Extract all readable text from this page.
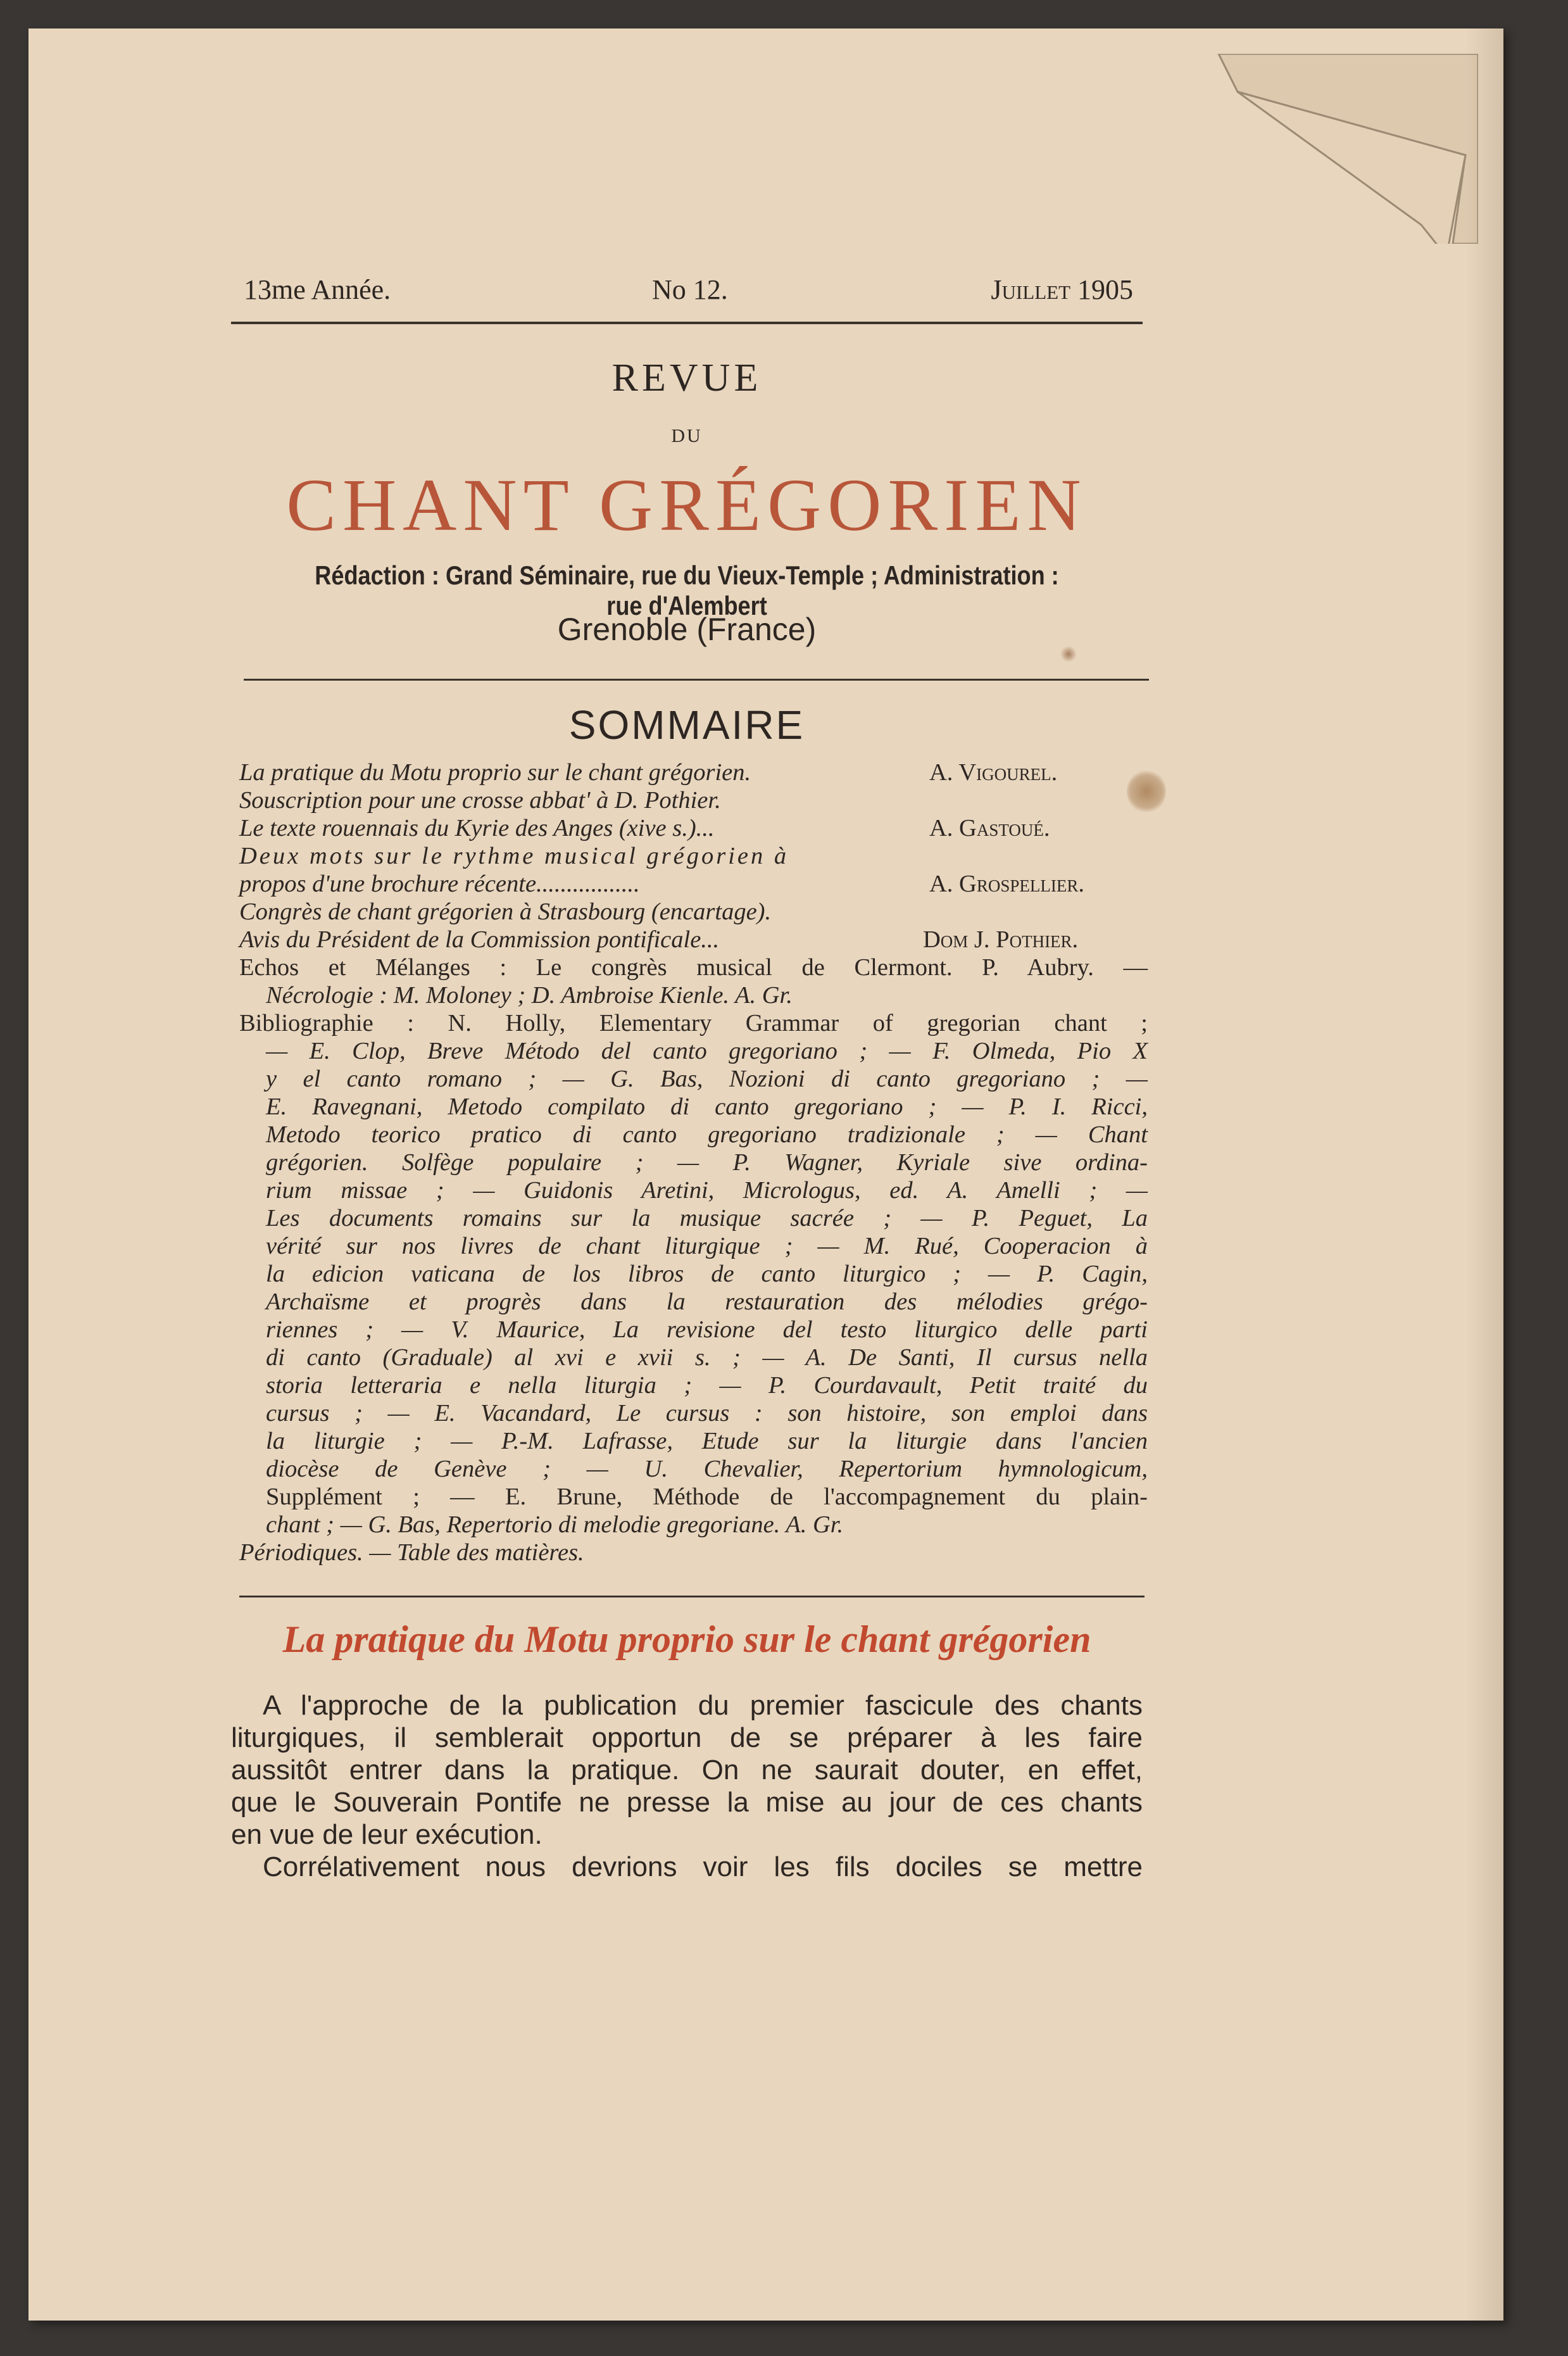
13me Année.	No 12.	Juillet 1905
REVUE
DU
CHANT GRÉGORIEN
Rédaction : Grand Séminaire, rue du Vieux-Temple ; Administration : rue d'Alembert
Grenoble (France)
SOMMAIRE
La pratique du Motu proprio sur le chant grégorien.	A. Vigourel.
Souscription pour une crosse abbat' à D. Pothier.
Le texte rouennais du Kyrie des Anges (xive s.)...	A. Gastoué.
Deux mots sur le rythme musical grégorien à
propos d'une brochure récente.................	A. Grospellier.
Congrès de chant grégorien à Strasbourg (encartage).
Avis du Président de la Commission pontificale...	Dom J. Pothier.
Echos et Mélanges : Le congrès musical de Clermont. P. Aubry. —
Nécrologie : M. Moloney ; D. Ambroise Kienle. A. Gr.
Bibliographie : N. Holly, Elementary Grammar of gregorian chant ;
— E. Clop, Breve Método del canto gregoriano ; — F. Olmeda, Pio X
y el canto romano ; — G. Bas, Nozioni di canto gregoriano ; —
E. Ravegnani, Metodo compilato di canto gregoriano ; — P. I. Ricci,
Metodo teorico pratico di canto gregoriano tradizionale ; — Chant
grégorien. Solfège populaire ; — P. Wagner, Kyriale sive ordina-
rium missae ; — Guidonis Aretini, Micrologus, ed. A. Amelli ; —
Les documents romains sur la musique sacrée ; — P. Peguet, La
vérité sur nos livres de chant liturgique ; — M. Rué, Cooperacion à
la edicion vaticana de los libros de canto liturgico ; — P. Cagin,
Archaïsme et progrès dans la restauration des mélodies grégo-
riennes ; — V. Maurice, La revisione del testo liturgico delle parti
di canto (Graduale) al xvi e xvii s. ; — A. De Santi, Il cursus nella
storia letteraria e nella liturgia ; — P. Courdavault, Petit traité du
cursus ; — E. Vacandard, Le cursus : son histoire, son emploi dans
la liturgie ; — P.-M. Lafrasse, Etude sur la liturgie dans l'ancien
diocèse de Genève ; — U. Chevalier, Repertorium hymnologicum,
Supplément ; — E. Brune, Méthode de l'accompagnement du plain-
chant ; — G. Bas, Repertorio di melodie gregoriane. A. Gr.
Périodiques. — Table des matières.
La pratique du Motu proprio sur le chant grégorien
A l'approche de la publication du premier fascicule des chants
liturgiques, il semblerait opportun de se préparer à les faire
aussitôt entrer dans la pratique. On ne saurait douter, en effet,
que le Souverain Pontife ne presse la mise au jour de ces chants
en vue de leur exécution.
Corrélativement nous devrions voir les fils dociles se mettre
